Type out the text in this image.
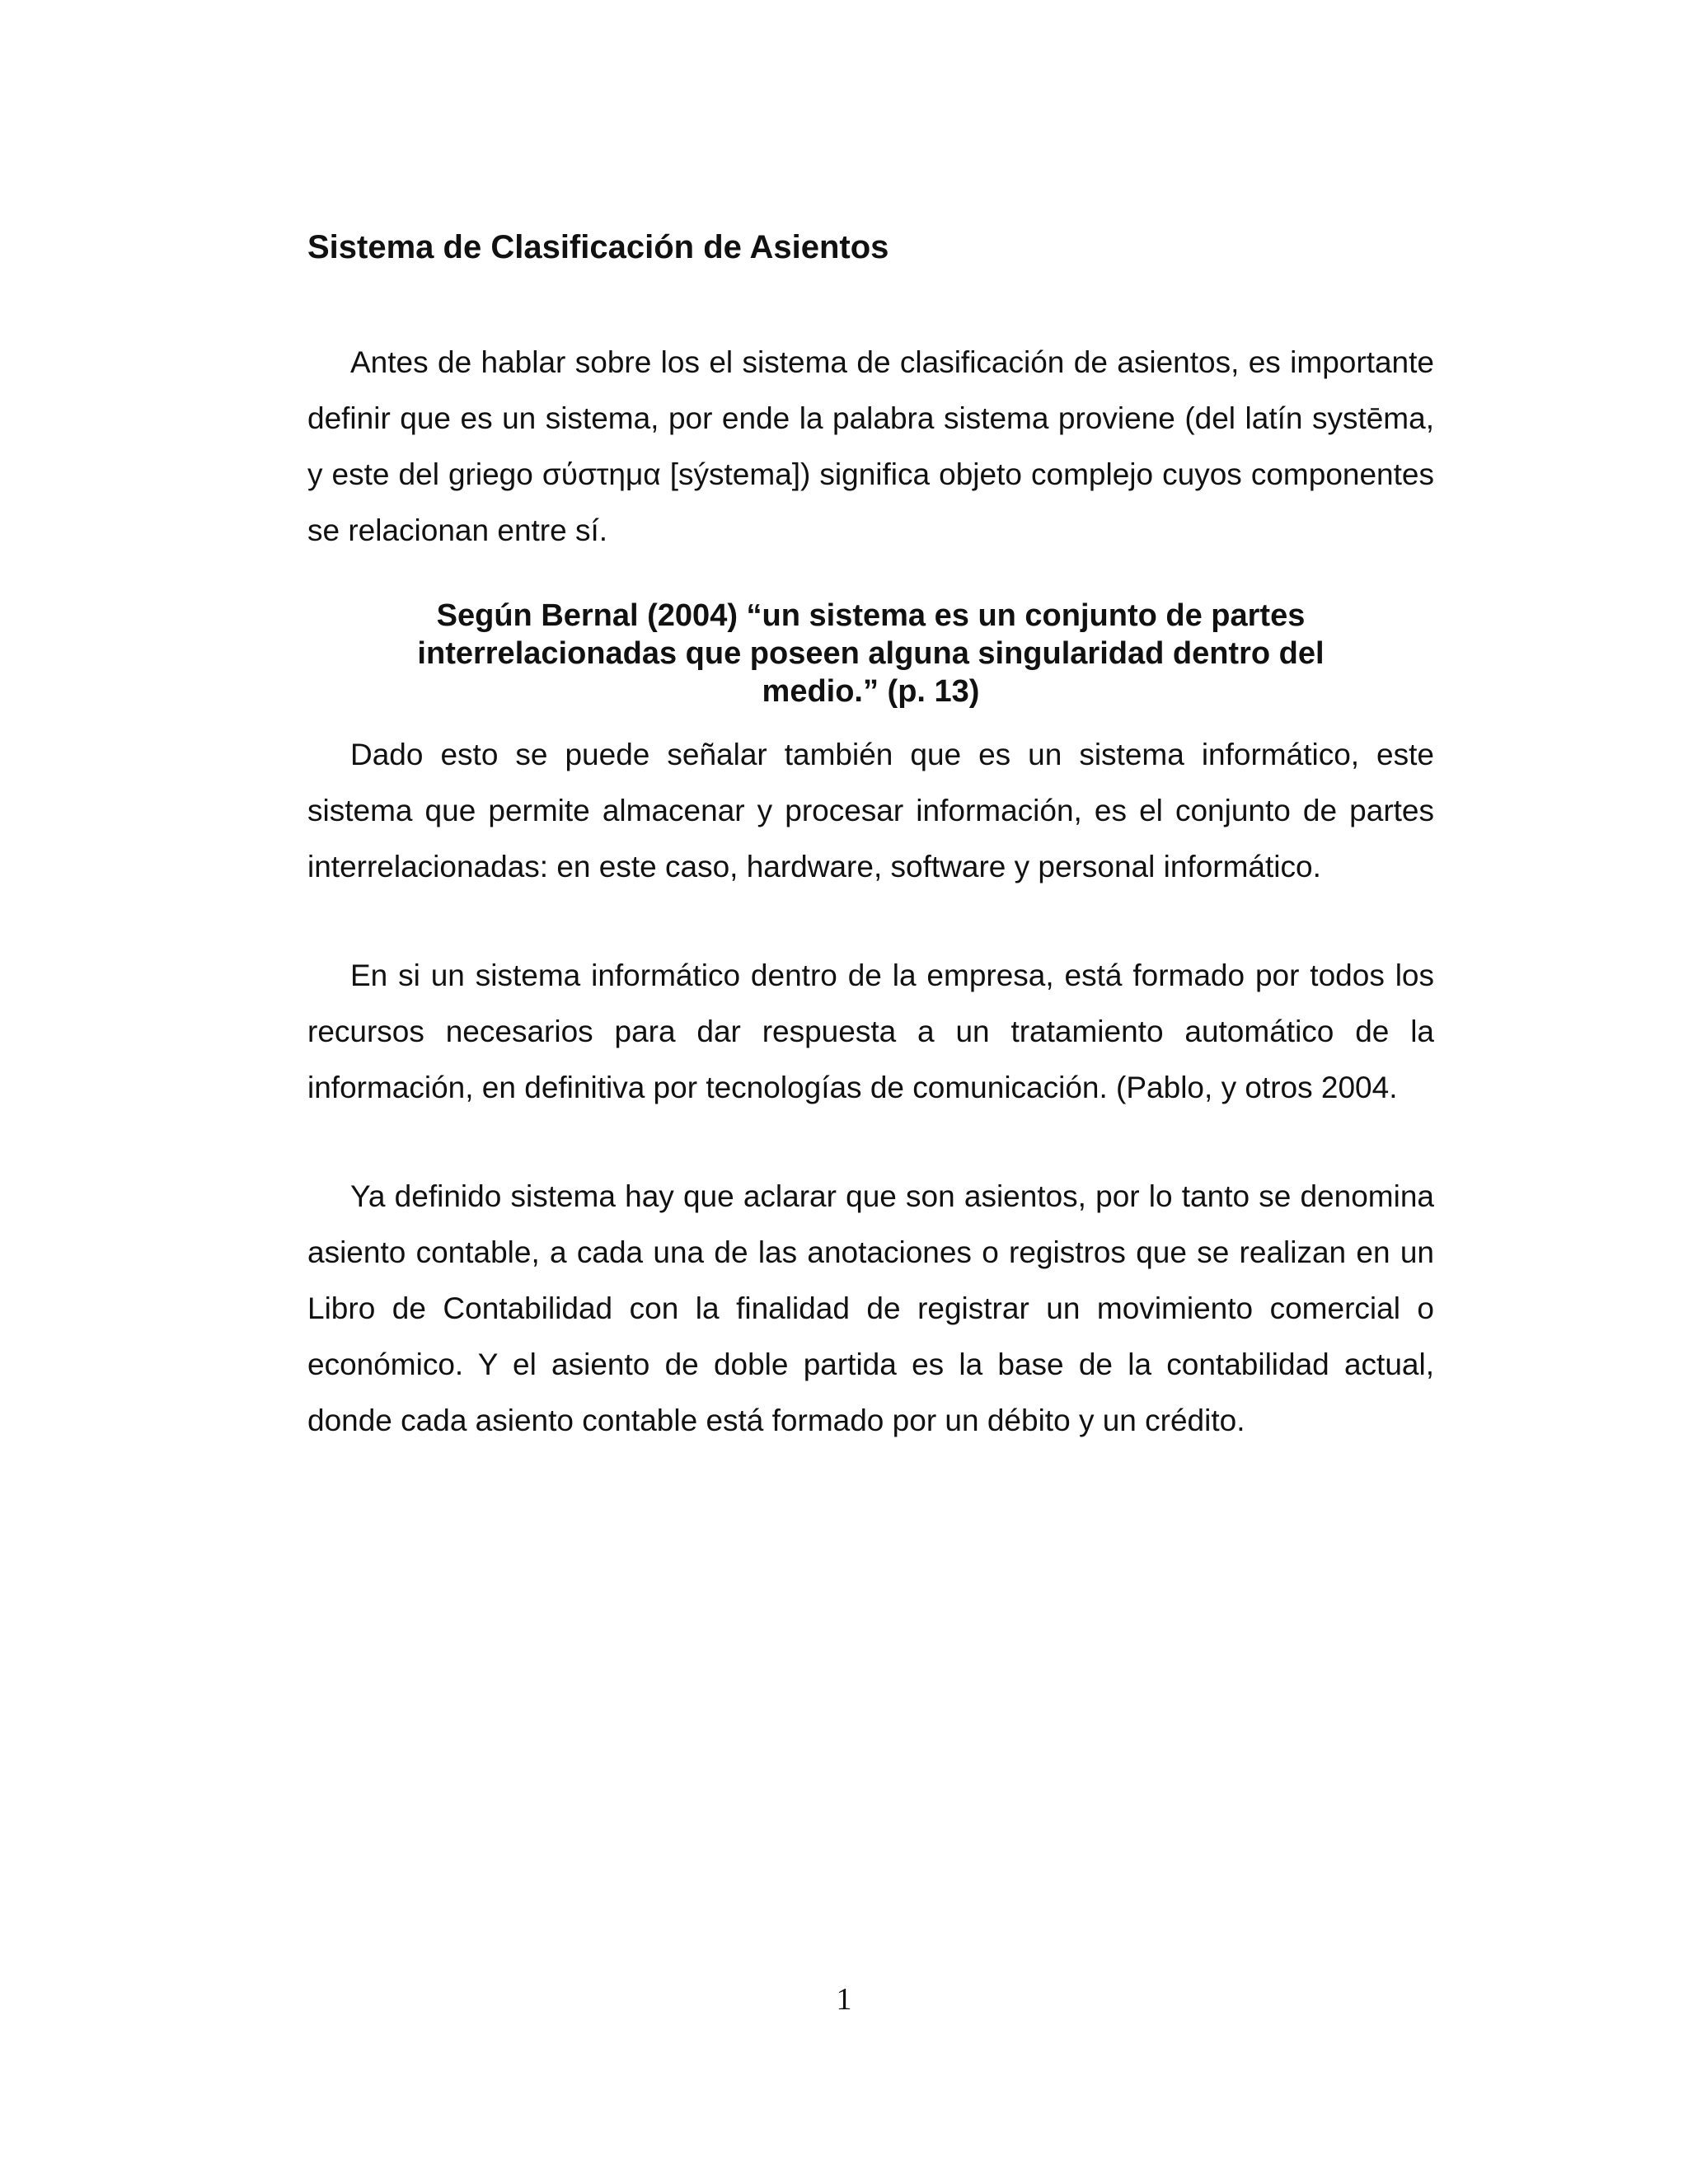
Sistema de Clasificación de Asientos

Antes de hablar sobre los el sistema de clasificación de asientos, es importante definir que es un sistema, por ende la palabra sistema proviene (del latín systēma, y este del griego σύστημα [sýstema]) significa objeto complejo cuyos componentes se relacionan entre sí.

Según Bernal (2004) “un sistema es un conjunto de partes interrelacionadas que poseen alguna singularidad dentro del medio.” (p. 13)

Dado esto se puede señalar también que es un sistema informático, este sistema que permite almacenar y procesar información, es el conjunto de partes interrelacionadas: en este caso, hardware, software y personal informático.

En si un sistema informático dentro de la empresa, está formado por todos los recursos necesarios para dar respuesta a un tratamiento automático de la información, en definitiva por tecnologías de comunicación. (Pablo, y otros 2004.

Ya definido sistema hay que aclarar que son asientos, por lo tanto se denomina asiento contable, a cada una de las anotaciones o registros que se realizan en un Libro de Contabilidad con la finalidad de registrar un movimiento comercial o económico. Y el asiento de doble partida es la base de la contabilidad actual, donde cada asiento contable está formado por un débito y un crédito.

1
